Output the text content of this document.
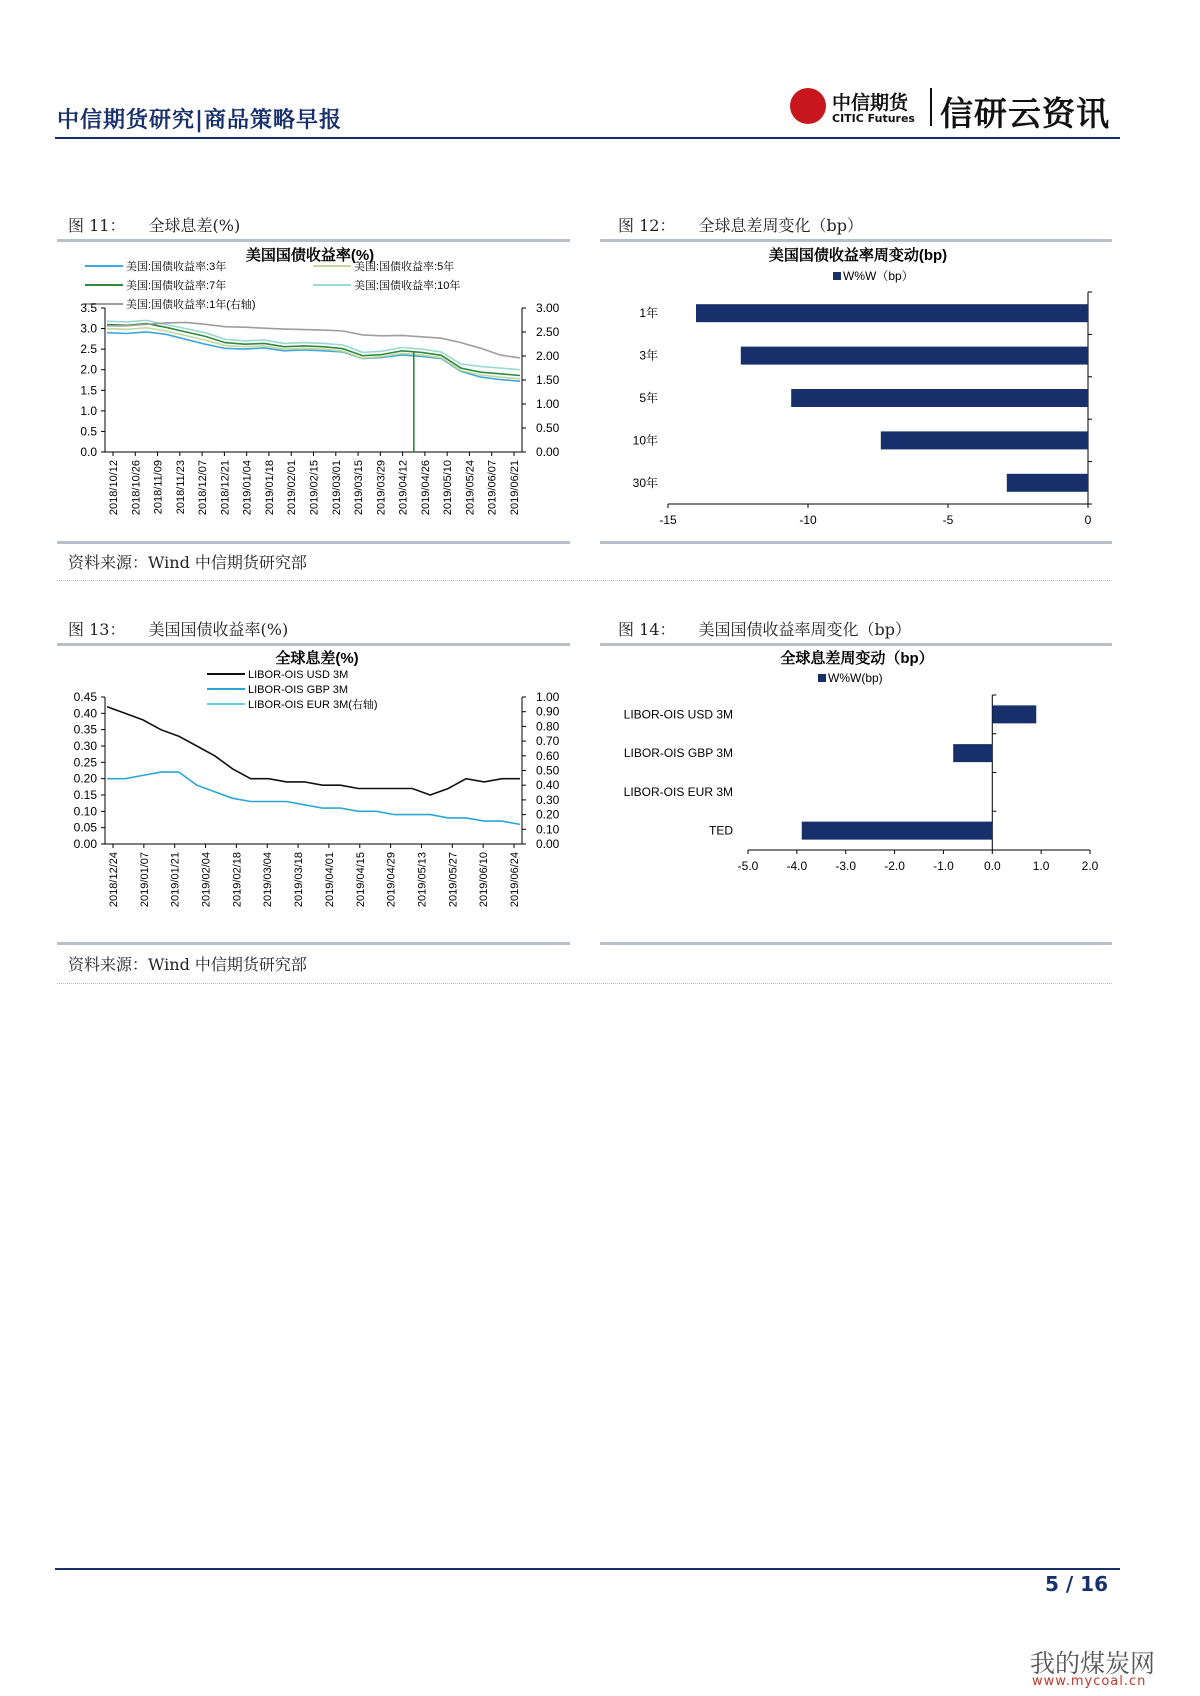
中信期货研究|商品策略早报
中信期货
CITIC Futures 信研云资讯
图 11： 全球息差(%)	图 12： 全球息差周变化（bp）
美国国债收益率(%)
美国:国债收益率:3年	美国:国债收益率:5年
美国:国债收益率:7年	美国:国债收益率:10年
美国:国债收益率:1年(右轴)
3.5
3.0
2.5
2.0
1.5
1.0
0.5
0.0
3.00
2.50
2.00
1.50
1.00
0.50
0.00
2018/10/12 2018/10/26 2018/11/09 2018/11/23 2018/12/07 2018/12/21 2019/01/04 2019/01/18 2019/02/01 2019/02/15 2019/03/01 2019/03/15 2019/03/29 2019/04/12 2019/04/26 2019/05/10 2019/05/24 2019/06/07 2019/06/21
美国国债收益率周变动(bp)
W%W（bp）
-15	-10	-5	0
1年
3年
5年
10年
30年
资料来源：Wind 中信期货研究部
图 13： 美国国债收益率(%)	图 14： 美国国债收益率周变化（bp）
全球息差(%)
LIBOR-OIS USD 3M
LIBOR-OIS GBP 3M
LIBOR-OIS EUR 3M(右轴)
0.45
0.40
0.35
0.30
0.25
0.20
0.15
0.10
0.05
0.00
1.00
0.90
0.80
0.70
0.60
0.50
0.40
0.30
0.20
0.10
0.00
2018/12/24 2019/01/07 2019/01/21 2019/02/04 2019/02/18 2019/03/04 2019/03/18 2019/04/01 2019/04/15 2019/04/29 2019/05/13 2019/05/27 2019/06/10 2019/06/24
全球息差周变动（bp）
W%W(bp)
-5.0 -4.0 -3.0 -2.0 -1.0	0.0	1.0	2.0
LIBOR-OIS USD 3M
LIBOR-OIS GBP 3M
LIBOR-OIS EUR 3M
TED
资料来源：Wind 中信期货研究部
5 / 16
我的煤炭网
www.mycoal.cn
